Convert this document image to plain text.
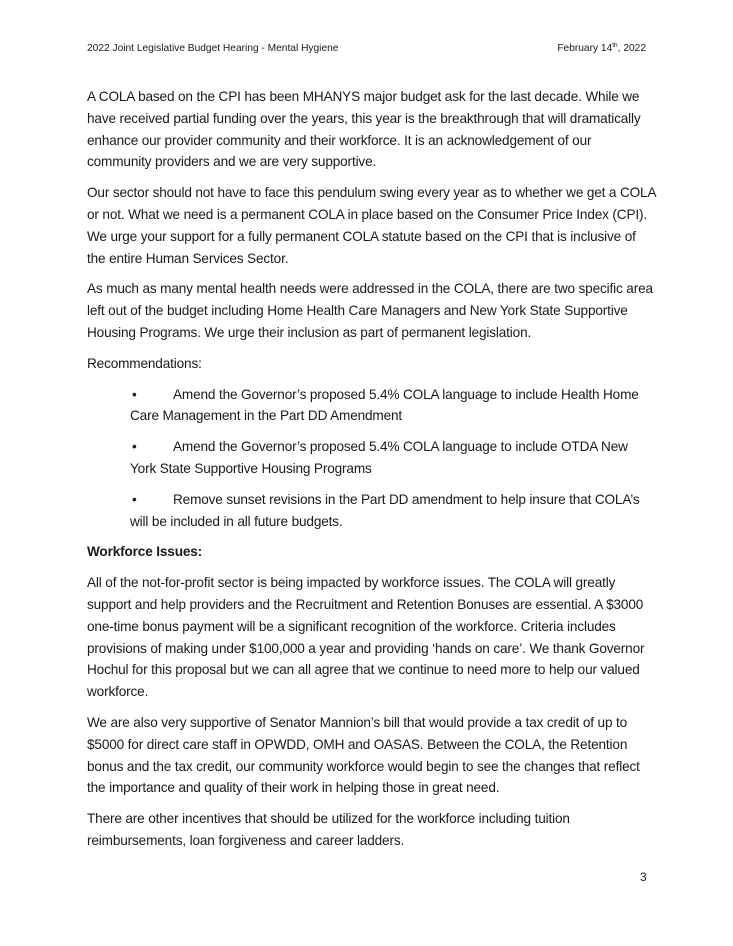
2022 Joint Legislative Budget Hearing - Mental Hygiene	February 14th, 2022

A COLA based on the CPI has been MHANYS major budget ask for the last decade. While we have received partial funding over the years, this year is the breakthrough that will dramatically enhance our provider community and their workforce. It is an acknowledgement of our community providers and we are very supportive.

Our sector should not have to face this pendulum swing every year as to whether we get a COLA or not. What we need is a permanent COLA in place based on the Consumer Price Index (CPI). We urge your support for a fully permanent COLA statute based on the CPI that is inclusive of the entire Human Services Sector.

As much as many mental health needs were addressed in the COLA, there are two specific area left out of the budget including Home Health Care Managers and New York State Supportive Housing Programs. We urge their inclusion as part of permanent legislation.

Recommendations:

•	Amend the Governor’s proposed 5.4% COLA language to include Health Home Care Management in the Part DD Amendment
•	Amend the Governor’s proposed 5.4% COLA language to include OTDA New York State Supportive Housing Programs
•	Remove sunset revisions in the Part DD amendment to help insure that COLA’s will be included in all future budgets.

Workforce Issues:

All of the not-for-profit sector is being impacted by workforce issues. The COLA will greatly support and help providers and the Recruitment and Retention Bonuses are essential. A $3000 one-time bonus payment will be a significant recognition of the workforce. Criteria includes provisions of making under $100,000 a year and providing ‘hands on care’. We thank Governor Hochul for this proposal but we can all agree that we continue to need more to help our valued workforce.

We are also very supportive of Senator Mannion’s bill that would provide a tax credit of up to $5000 for direct care staff in OPWDD, OMH and OASAS. Between the COLA, the Retention bonus and the tax credit, our community workforce would begin to see the changes that reflect the importance and quality of their work in helping those in great need.

There are other incentives that should be utilized for the workforce including tuition reimbursements, loan forgiveness and career ladders.

3
